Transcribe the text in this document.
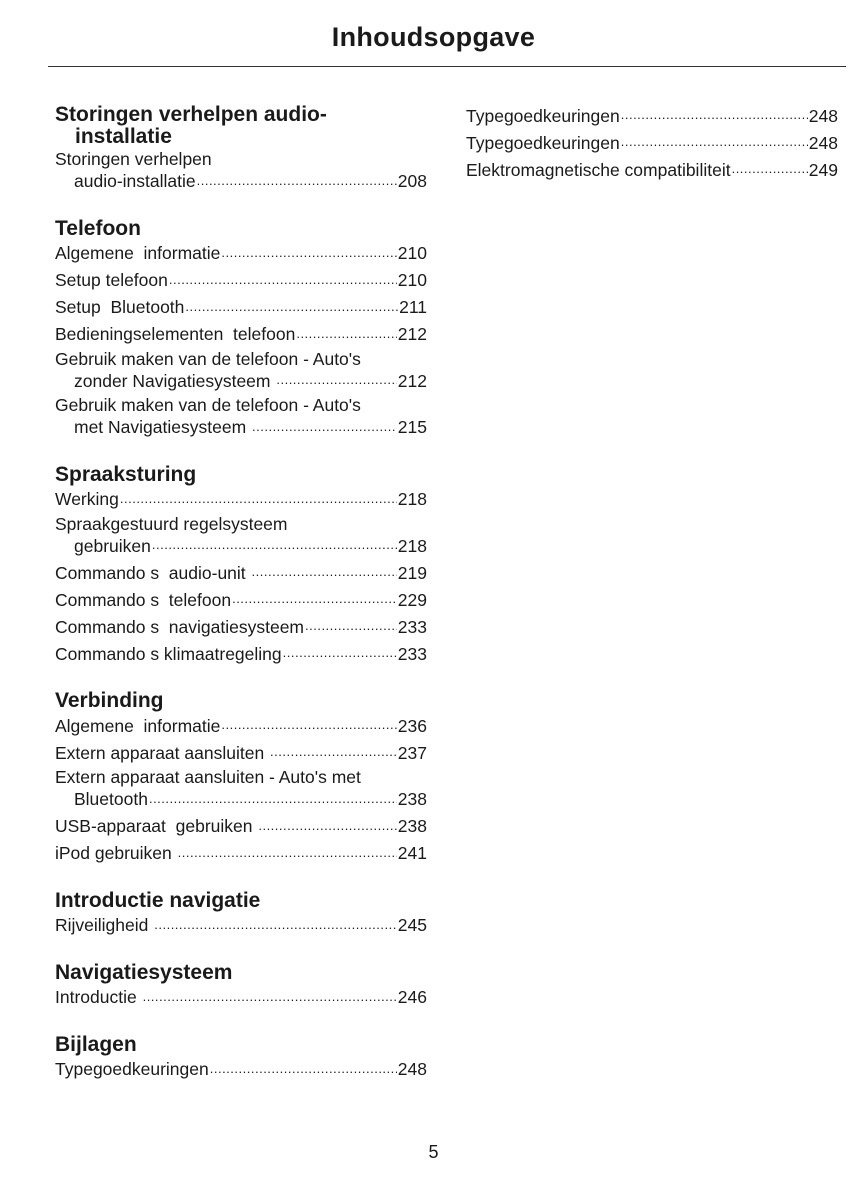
Inhoudsopgave
Storingen verhelpen audio-
installatie
Storingen verhelpen
audio-installatie .....	208
Telefoon
Algemene  informatie .....	210
Setup telefoon .....	210
Setup  Bluetooth .....	211
Bedieningselementen  telefoon .....	212
Gebruik maken van de telefoon - Auto's
zonder Navigatiesysteem .....	212
Gebruik maken van de telefoon - Auto's
met Navigatiesysteem .....	215
Spraaksturing
Werking .....	218
Spraakgestuurd regelsysteem
gebruiken .....	218
Commando s  audio-unit .....	219
Commando s  telefoon .....	229
Commando s  navigatiesysteem .....	233
Commando s klimaatregeling .....	233
Verbinding
Algemene  informatie .....	236
Extern apparaat aansluiten .....	237
Extern apparaat aansluiten - Auto's met
Bluetooth .....	238
USB-apparaat  gebruiken .....	238
iPod gebruiken .....	241
Introductie navigatie
Rijveiligheid .....	245
Navigatiesysteem
Introductie .....	246
Bijlagen
Typegoedkeuringen .....	248
Typegoedkeuringen .....	248
Typegoedkeuringen .....	248
Elektromagnetische compatibiliteit .....	249
5
